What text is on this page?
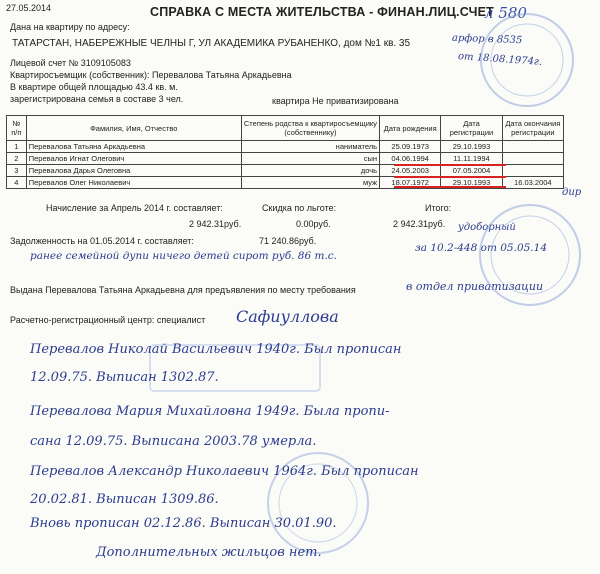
27.05.2014	СПРАВКА С МЕСТА ЖИТЕЛЬСТВА - ФИНАН.ЛИЦ.СЧЕТ
л 580
Дана на квартиру по адресу:
ТАТАРСТАН, НАБЕРЕЖНЫЕ ЧЕЛНЫ Г, УЛ АКАДЕМИКА РУБАНЕНКО, дом №1 кв. 35
Лицевой счет № 3109105083
Квартиросъемщик (собственник): Перевалова Татьяна Аркадьевна
В квартире общей площадью 43.4 кв. м.
зарегистрирована семья в составе 3 чел.	квартира Не приватизирована
арфор в 8535
от 18.08.1974г.
№ п/п	Фамилия, Имя, Отчество	Степень родства к квартиросъемщику (собственнику)	Дата рождения	Дата регистрации	Дата окончания регистрации
1	Перевалова Татьяна Аркадьевна	наниматель	25.09.1973	29.10.1993	
2	Перевалов Игнат Олегович	сын	04.06.1994	11.11.1994	
3	Перевалова Дарья Олеговна	дочь	24.05.2003	07.05.2004	
4	Перевалов Олег Николаевич	муж	18.07.1972	29.10.1993	16.03.2004
дир
Начисление за Апрель 2014 г. составляет:
2 942.31руб.
Скидка по льготе:
0.00руб.
Итого:
2 942.31руб. удоборный
Задолженность на 01.05.2014 г. составляет:	71 240.86руб.
за 10.2-448 от 05.05.14
ранее семейной дупи ничего детей сирот руб. 86 т.с.
Выдана Перевалова Татьяна Аркадьевна для предъявления по месту требования	в отдел приватизации
Расчетно-регистрационный центр: специалист Сафиуллова
Перевалов Николай Васильевич 1940г. Был прописан
12.09.75. Выписан 1302.87.
Перевалова Мария Михайловна 1949г. Была пропи-
сана 12.09.75. Выписана 2003.78 умерла.
Перевалов Александр Николаевич 1964г. Был прописан
20.02.81. Выписан 1309.86.
Вновь прописан 02.12.86. Выписан 30.01.90.
Дополнительных жильцов нет.
